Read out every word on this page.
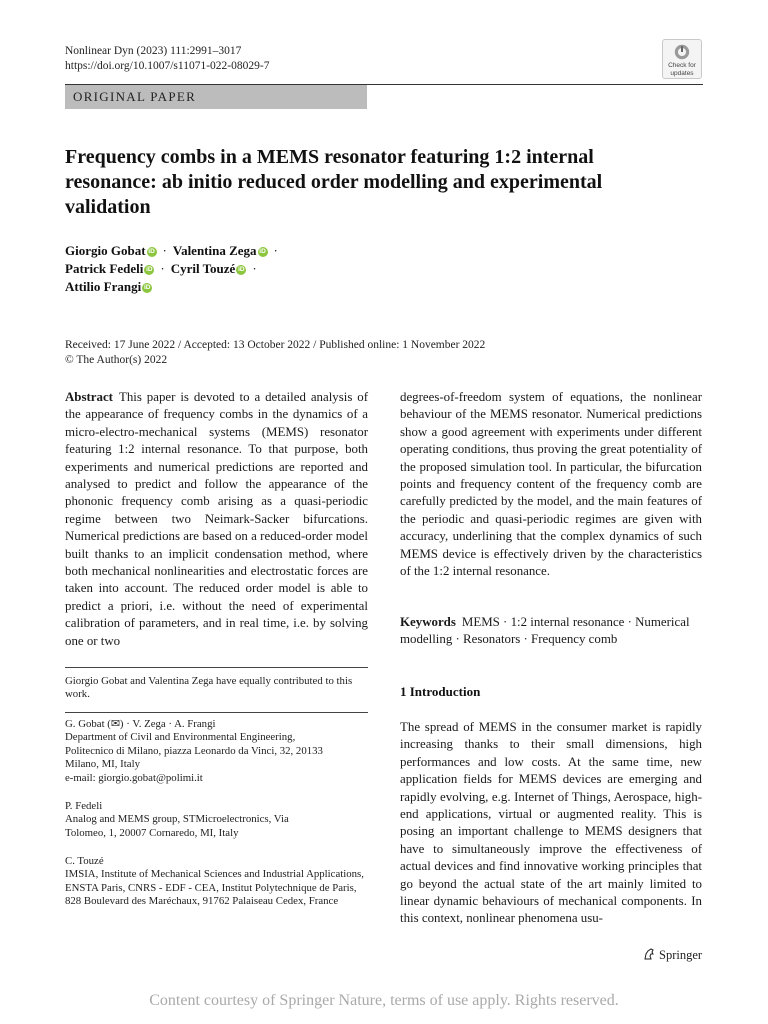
Nonlinear Dyn (2023) 111:2991–3017
https://doi.org/10.1007/s11071-022-08029-7	Check for
updates
ORIGINAL PAPER
Frequency combs in a MEMS resonator featuring 1:2 internal resonance: ab initio reduced order modelling and experimental validation
Giorgio Gobat iD · Valentina Zega iD ·
Patrick Fedeli iD · Cyril Touzé iD ·
Attilio Frangi iD
Received: 17 June 2022 / Accepted: 13 October 2022 / Published online: 1 November 2022
© The Author(s) 2022
Abstract This paper is devoted to a detailed analysis of the appearance of frequency combs in the dynamics of a micro-electro-mechanical systems (MEMS) resonator featuring 1:2 internal resonance. To that purpose, both experiments and numerical predictions are reported and analysed to predict and follow the appearance of the phononic frequency comb arising as a quasi-periodic regime between two Neimark-Sacker bifurcations. Numerical predictions are based on a reduced-order model built thanks to an implicit condensation method, where both mechanical nonlinearities and electrostatic forces are taken into account. The reduced order model is able to predict a priori, i.e. without the need of experimental calibration of parameters, and in real time, i.e. by solving one or two
degrees-of-freedom system of equations, the nonlinear behaviour of the MEMS resonator. Numerical predictions show a good agreement with experiments under different operating conditions, thus proving the great potentiality of the proposed simulation tool. In particular, the bifurcation points and frequency content of the frequency comb are carefully predicted by the model, and the main features of the periodic and quasi-periodic regimes are given with accuracy, underlining that the complex dynamics of such MEMS device is effectively driven by the characteristics of the 1:2 internal resonance.
Keywords MEMS · 1:2 internal resonance · Numerical modelling · Resonators · Frequency comb
Giorgio Gobat and Valentina Zega have equally contributed to this work.
G. Gobat (✉) · V. Zega · A. Frangi
Department of Civil and Environmental Engineering,
Politecnico di Milano, piazza Leonardo da Vinci, 32, 20133
Milano, MI, Italy
e-mail: giorgio.gobat@polimi.it
P. Fedeli
Analog and MEMS group, STMicroelectronics, Via
Tolomeo, 1, 20007 Cornaredo, MI, Italy
C. Touzé
IMSIA, Institute of Mechanical Sciences and Industrial Applications, ENSTA Paris, CNRS - EDF - CEA, Institut Polytechnique de Paris, 828 Boulevard des Maréchaux, 91762 Palaiseau Cedex, France
1 Introduction
The spread of MEMS in the consumer market is rapidly increasing thanks to their small dimensions, high performances and low costs. At the same time, new application fields for MEMS devices are emerging and rapidly evolving, e.g. Internet of Things, Aerospace, high-end applications, virtual or augmented reality. This is posing an important challenge to MEMS designers that have to simultaneously improve the effectiveness of actual devices and find innovative working principles that go beyond the actual state of the art mainly limited to linear dynamic behaviours of mechanical components. In this context, nonlinear phenomena usu-
Springer
Content courtesy of Springer Nature, terms of use apply. Rights reserved.
